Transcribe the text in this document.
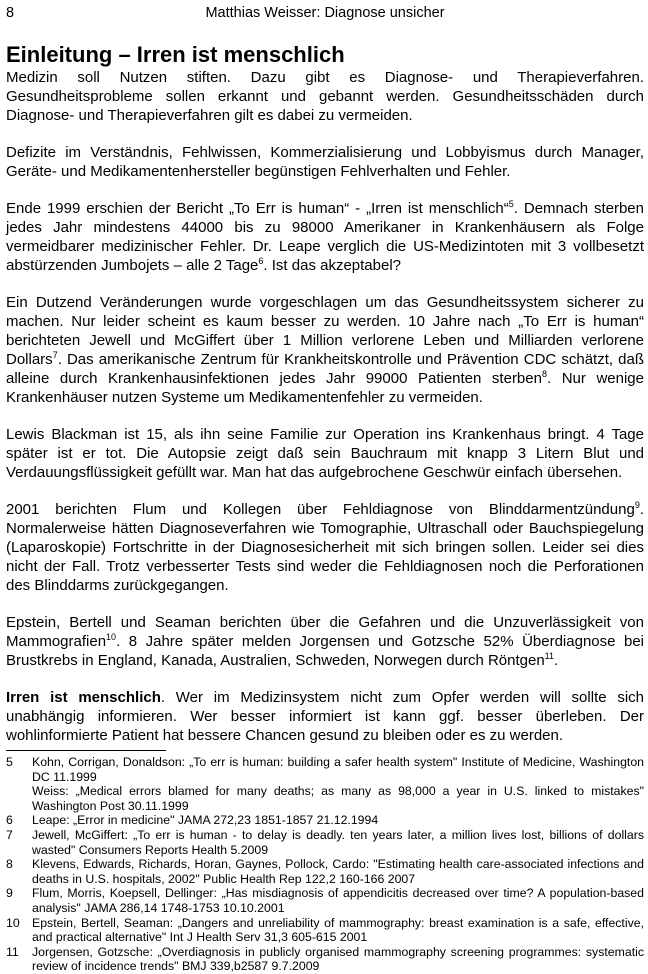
8	Matthias Weisser: Diagnose unsicher
Einleitung – Irren ist menschlich

Medizin soll Nutzen stiften. Dazu gibt es Diagnose- und Therapieverfahren. Gesundheitsprobleme sollen erkannt und gebannt werden. Gesundheitsschäden durch Diagnose- und Therapieverfahren gilt es dabei zu vermeiden.

Defizite im Verständnis, Fehlwissen, Kommerzialisierung und Lobbyismus durch Manager, Geräte- und Medikamentenhersteller begünstigen Fehlverhalten und Fehler.

Ende 1999 erschien der Bericht „To Err is human“ - „Irren ist menschlich“$^5$. Demnach sterben jedes Jahr mindestens 44000 bis zu 98000 Amerikaner in Krankenhäusern als Folge vermeidbarer medizinischer Fehler. Dr. Leape verglich die US-Medizintoten mit 3 vollbesetzt abstürzenden Jumbojets – alle 2 Tage$^6$. Ist das akzeptabel?

Ein Dutzend Veränderungen wurde vorgeschlagen um das Gesundheitssystem sicherer zu machen. Nur leider scheint es kaum besser zu werden. 10 Jahre nach „To Err is human“ berichteten Jewell und McGiffert über 1 Million verlorene Leben und Milliarden verlorene Dollars$^7$. Das amerikanische Zentrum für Krankheitskontrolle und Prävention CDC schätzt, daß alleine durch Krankenhausinfektionen jedes Jahr 99000 Patienten sterben$^8$. Nur wenige Krankenhäuser nutzen Systeme um Medikamentenfehler zu vermeiden.

Lewis Blackman ist 15, als ihn seine Familie zur Operation ins Krankenhaus bringt. 4 Tage später ist er tot. Die Autopsie zeigt daß sein Bauchraum mit knapp 3 Litern Blut und Verdauungsflüssigkeit gefüllt war. Man hat das aufgebrochene Geschwür einfach übersehen.

2001 berichten Flum und Kollegen über Fehldiagnose von Blinddarmentzündung$^9$. Normalerweise hätten Diagnoseverfahren wie Tomographie, Ultraschall oder Bauchspiegelung (Laparoskopie) Fortschritte in der Diagnosesicherheit mit sich bringen sollen. Leider sei dies nicht der Fall. Trotz verbesserter Tests sind weder die Fehldiagnosen noch die Perforationen des Blinddarms zurückgegangen.

Epstein, Bertell und Seaman berichten über die Gefahren und die Unzuverlässigkeit von Mammografien$^{10}$. 8 Jahre später melden Jorgensen und Gotzsche 52% Überdiagnose bei Brustkrebs in England, Kanada, Australien, Schweden, Norwegen durch Röntgen$^{11}$.

Irren ist menschlich. Wer im Medizinsystem nicht zum Opfer werden will sollte sich unabhängig informieren. Wer besser informiert ist kann ggf. besser überleben. Der wohlinformierte Patient hat bessere Chancen gesund zu bleiben oder es zu werden.

5	Kohn, Corrigan, Donaldson: „To err is human: building a safer health system" Institute of Medicine, Washington DC 11.1999
Weiss: „Medical errors blamed for many deaths; as many as 98,000 a year in U.S. linked to mistakes" Washington Post 30.11.1999
6	Leape: „Error in medicine" JAMA 272,23 1851-1857 21.12.1994
7	Jewell, McGiffert: „To err is human - to delay is deadly. ten years later, a million lives lost, billions of dollars wasted" Consumers Reports Health 5.2009
8	Klevens, Edwards, Richards, Horan, Gaynes, Pollock, Cardo: "Estimating health care-associated infections and deaths in U.S. hospitals, 2002" Public Health Rep 122,2 160-166 2007
9	Flum, Morris, Koepsell, Dellinger: „Has misdiagnosis of appendicitis decreased over time? A population-based analysis" JAMA 286,14 1748-1753 10.10.2001
10	Epstein, Bertell, Seaman: „Dangers and unreliability of mammography: breast examination is a safe, effective, and practical alternative" Int J Health Serv 31,3 605-615 2001
11	Jorgensen, Gotzsche: „Overdiagnosis in publicly organised mammography screening programmes: systematic review of incidence trends" BMJ 339,b2587 9.7.2009
